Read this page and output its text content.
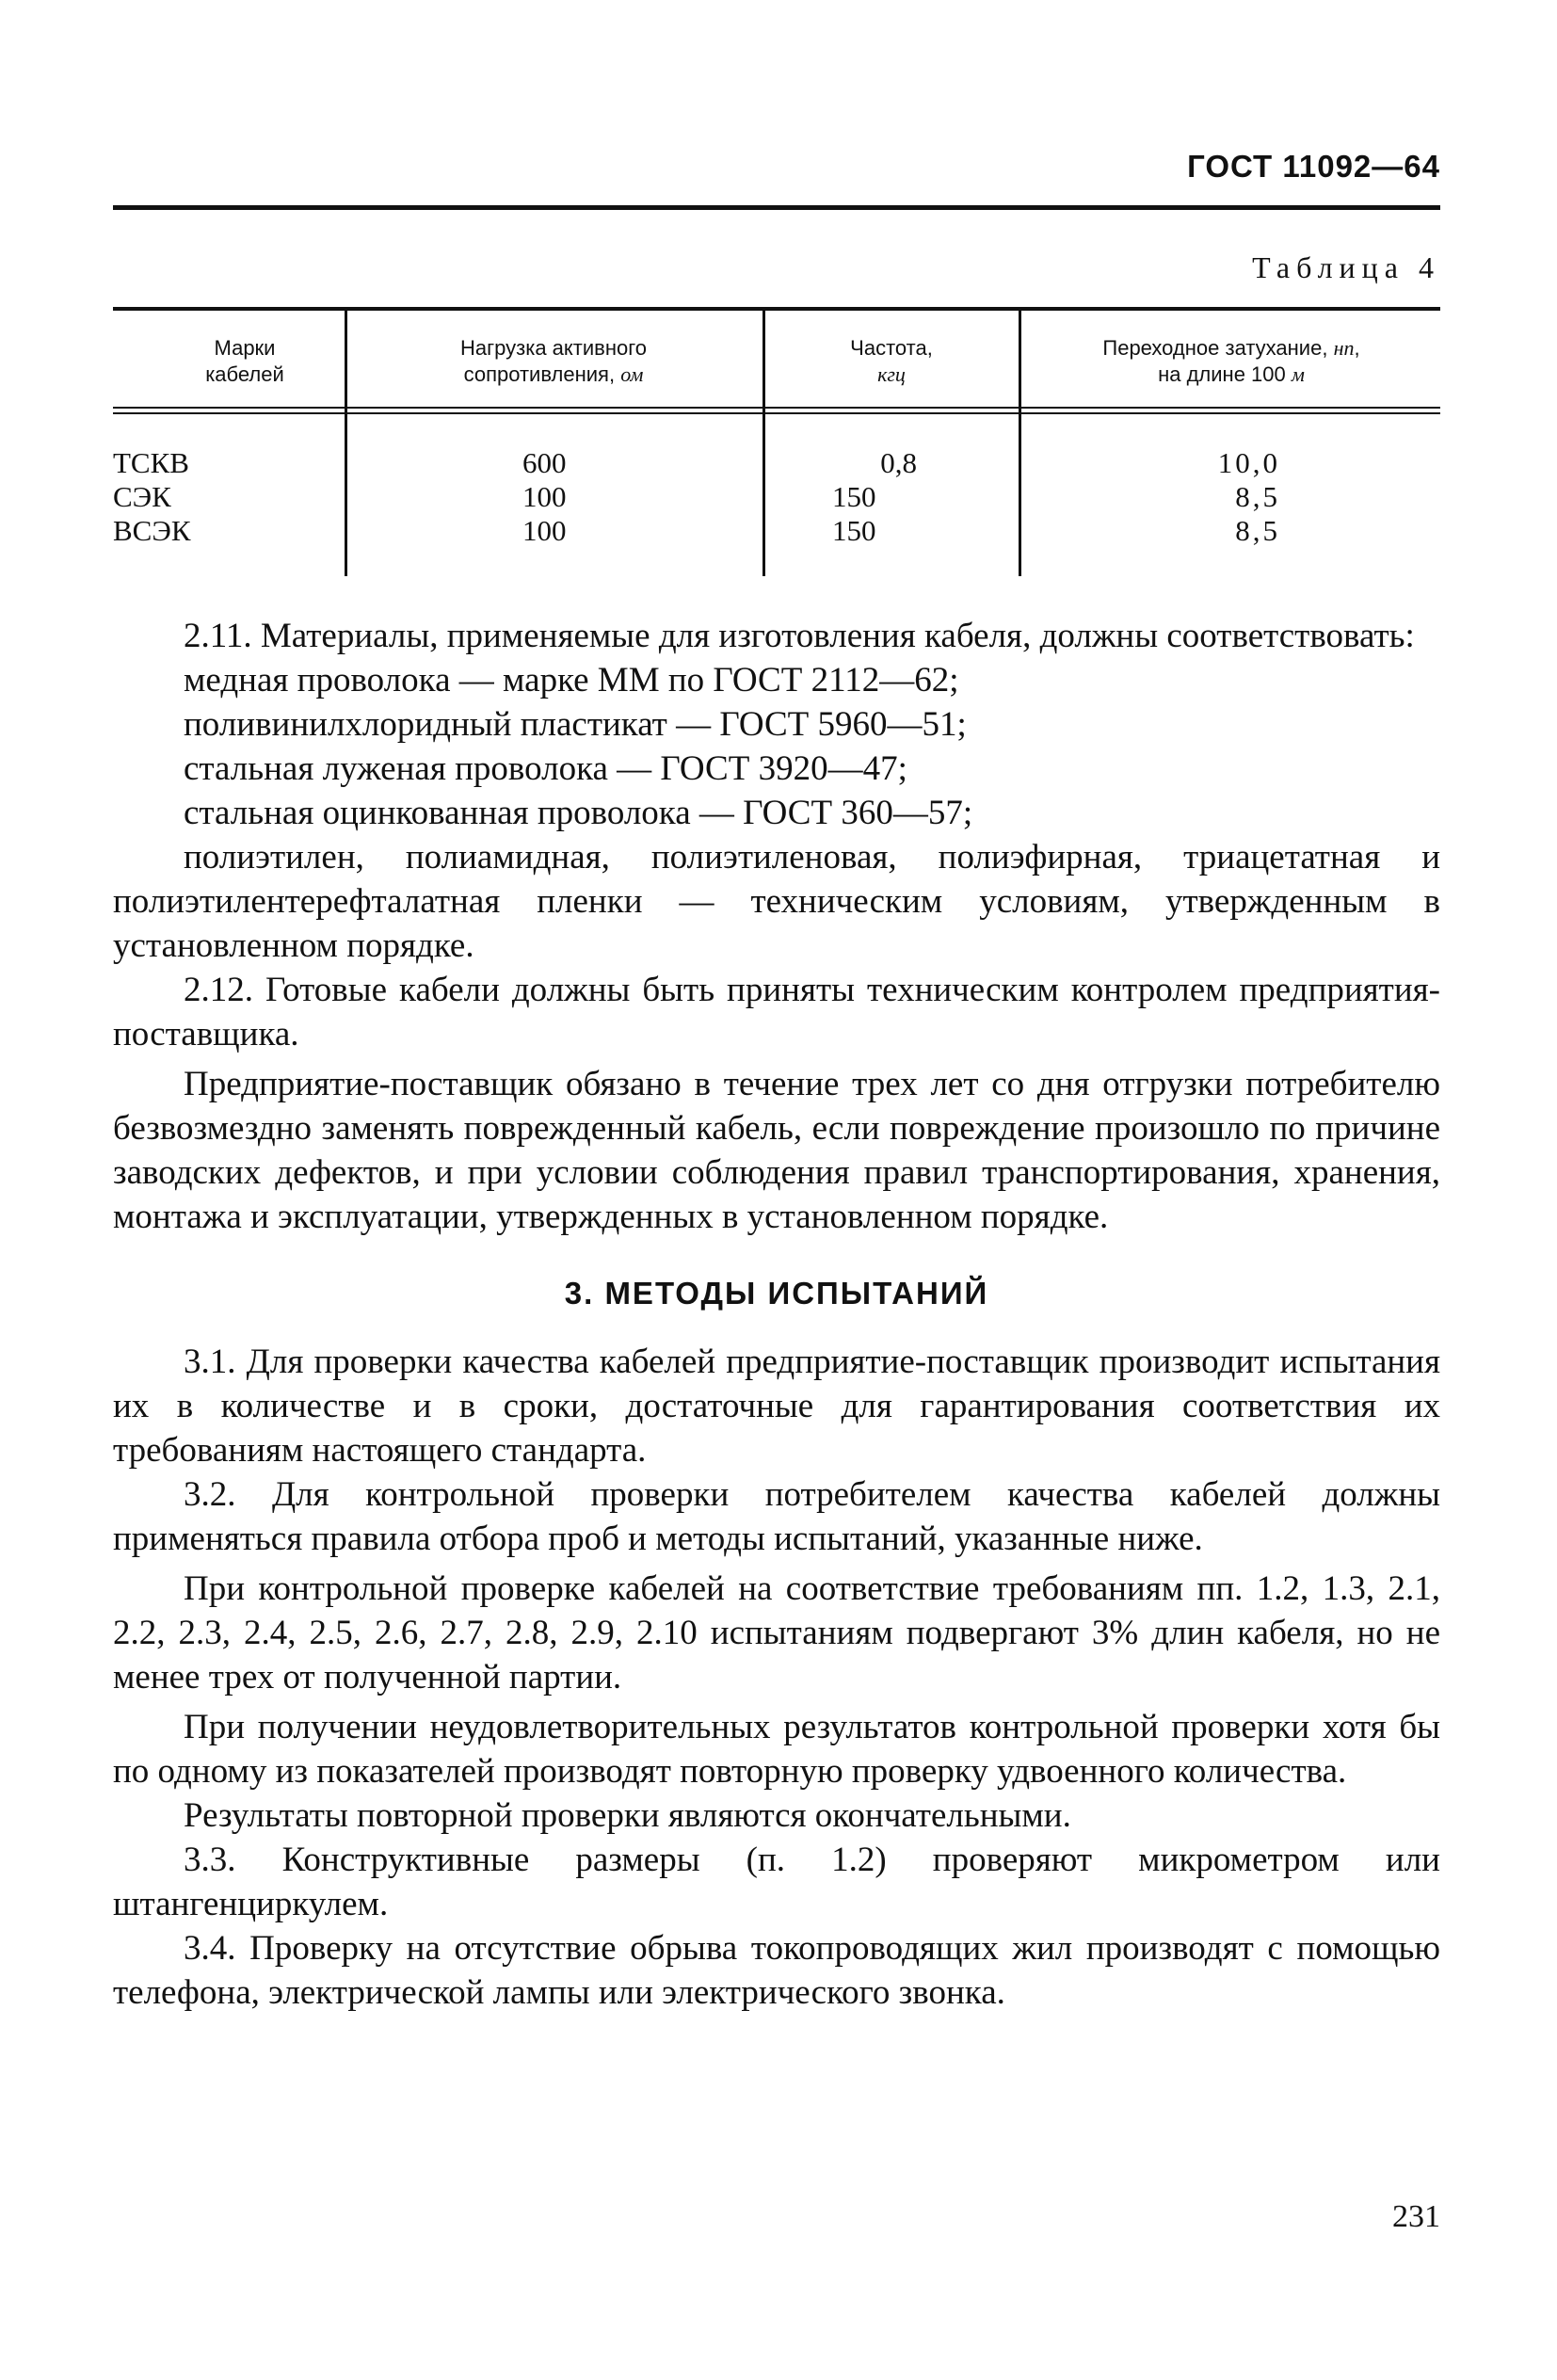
ГОСТ 11092—64
Таблица 4
Марки
кабелей
Нагрузка активного
сопротивления, ом
Частота,
кгц
Переходное затухание, нп,
на длине 100 м
ТСКВ
СЭК
ВСЭК
600
100
100
0,8
150
150
10,0
8,5
8,5

2.11. Материалы, применяемые для изготовления кабеля, должны соответствовать:

медная проволока — марке ММ по ГОСТ 2112—62;

поливинилхлоридный пластикат — ГОСТ 5960—51;

стальная луженая проволока — ГОСТ 3920—47;

стальная оцинкованная проволока — ГОСТ 360—57;

полиэтилен, полиамидная, полиэтиленовая, полиэфирная, триацетатная и полиэтилентерефталатная пленки — техническим условиям, утвержденным в установленном порядке.

2.12. Готовые кабели должны быть приняты техническим контролем предприятия-поставщика.

Предприятие-поставщик обязано в течение трех лет со дня отгрузки потребителю безвозмездно заменять поврежденный кабель, если повреждение произошло по причине заводских дефектов, и при условии соблюдения правил транспортирования, хранения, монтажа и эксплуатации, утвержденных в установленном порядке.

3. МЕТОДЫ ИСПЫТАНИЙ

3.1. Для проверки качества кабелей предприятие-поставщик производит испытания их в количестве и в сроки, достаточные для гарантирования соответствия их требованиям настоящего стандарта.

3.2. Для контрольной проверки потребителем качества кабелей должны применяться правила отбора проб и методы испытаний, указанные ниже.

При контрольной проверке кабелей на соответствие требованиям пп. 1.2, 1.3, 2.1, 2.2, 2.3, 2.4, 2.5, 2.6, 2.7, 2.8, 2.9, 2.10 испытаниям подвергают 3% длин кабеля, но не менее трех от полученной партии.

При получении неудовлетворительных результатов контрольной проверки хотя бы по одному из показателей производят повторную проверку удвоенного количества.

Результаты повторной проверки являются окончательными.

3.3. Конструктивные размеры (п. 1.2) проверяют микрометром или штангенциркулем.

3.4. Проверку на отсутствие обрыва токопроводящих жил производят с помощью телефона, электрической лампы или электрического звонка.

231
